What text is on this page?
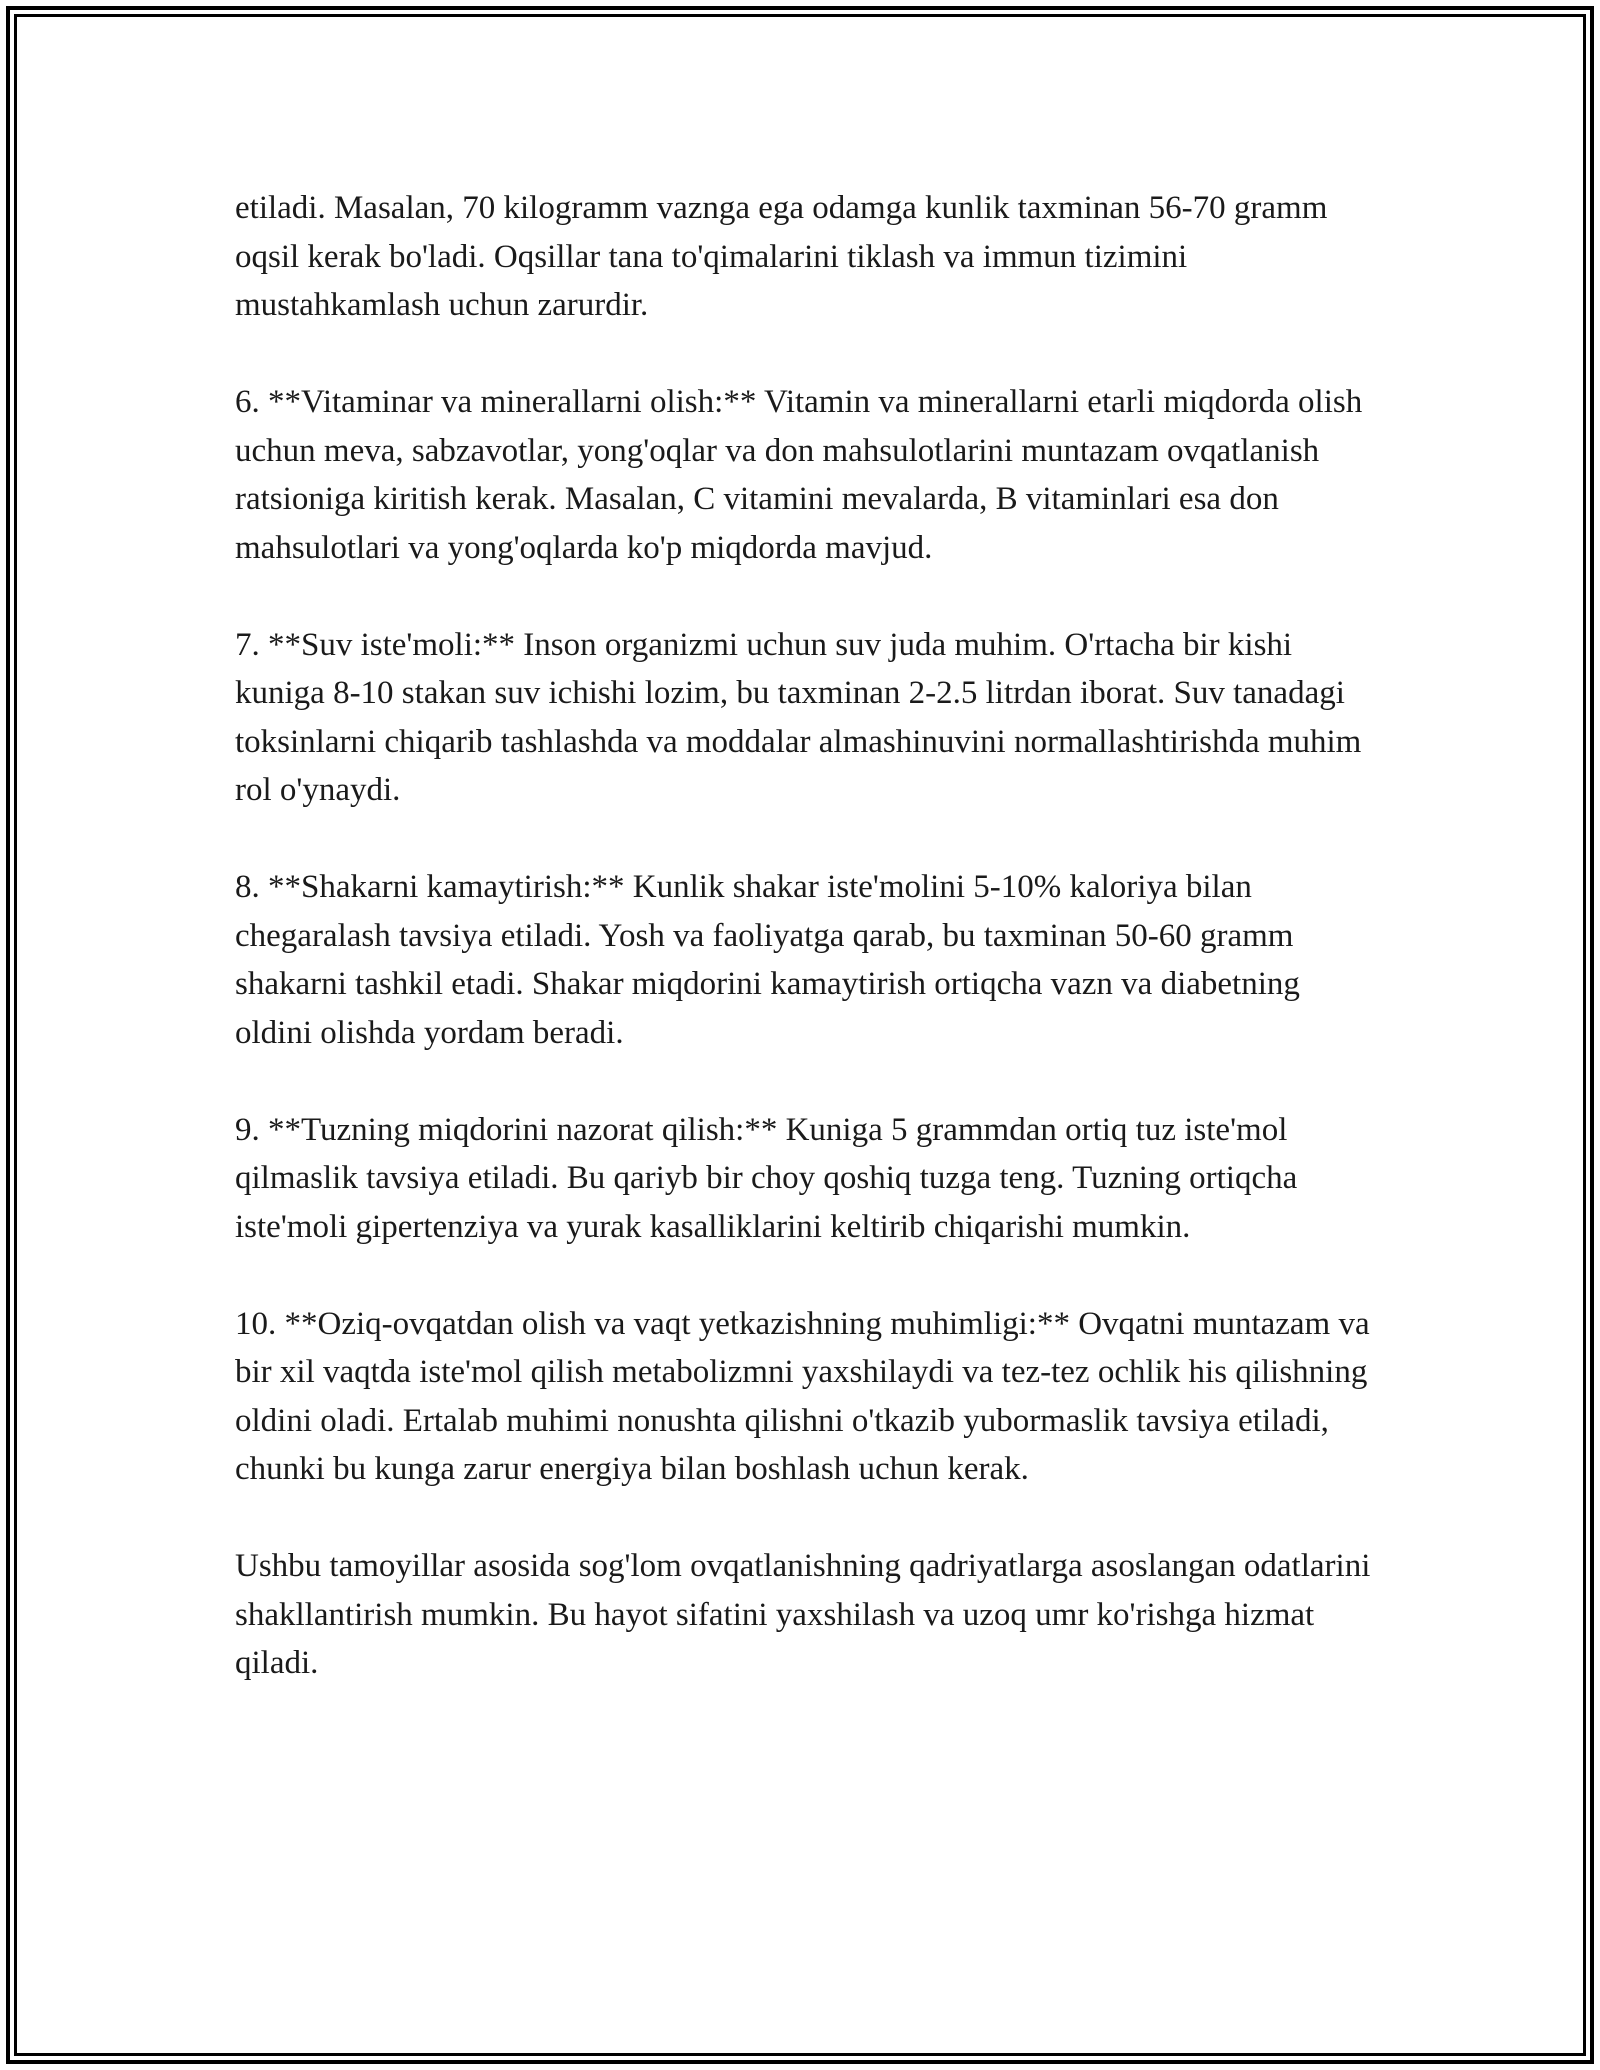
etiladi. Masalan, 70 kilogramm vaznga ega odamga kunlik taxminan 56-70 gramm oqsil kerak bo'ladi. Oqsillar tana to'qimalarini tiklash va immun tizimini mustahkamlash uchun zarurdir.

6. **Vitaminar va minerallarni olish:** Vitamin va minerallarni etarli miqdorda olish uchun meva, sabzavotlar, yong'oqlar va don mahsulotlarini muntazam ovqatlanish ratsioniga kiritish kerak. Masalan, C vitamini mevalarda, B vitaminlari esa don mahsulotlari va yong'oqlarda ko'p miqdorda mavjud.

7. **Suv iste'moli:** Inson organizmi uchun suv juda muhim. O'rtacha bir kishi kuniga 8-10 stakan suv ichishi lozim, bu taxminan 2-2.5 litrdan iborat. Suv tanadagi toksinlarni chiqarib tashlashda va moddalar almashinuvini normallashtirishda muhim rol o'ynaydi.

8. **Shakarni kamaytirish:** Kunlik shakar iste'molini 5-10% kaloriya bilan chegaralash tavsiya etiladi. Yosh va faoliyatga qarab, bu taxminan 50-60 gramm shakarni tashkil etadi. Shakar miqdorini kamaytirish ortiqcha vazn va diabetning oldini olishda yordam beradi.

9. **Tuzning miqdorini nazorat qilish:** Kuniga 5 grammdan ortiq tuz iste'mol qilmaslik tavsiya etiladi. Bu qariyb bir choy qoshiq tuzga teng. Tuzning ortiqcha iste'moli gipertenziya va yurak kasalliklarini keltirib chiqarishi mumkin.

10. **Oziq-ovqatdan olish va vaqt yetkazishning muhimligi:** Ovqatni muntazam va bir xil vaqtda iste'mol qilish metabolizmni yaxshilaydi va tez-tez ochlik his qilishning oldini oladi. Ertalab muhimi nonushta qilishni o'tkazib yubormaslik tavsiya etiladi, chunki bu kunga zarur energiya bilan boshlash uchun kerak.

Ushbu tamoyillar asosida sog'lom ovqatlanishning qadriyatlarga asoslangan odatlarini shakllantirish mumkin. Bu hayot sifatini yaxshilash va uzoq umr ko'rishga hizmat qiladi.
